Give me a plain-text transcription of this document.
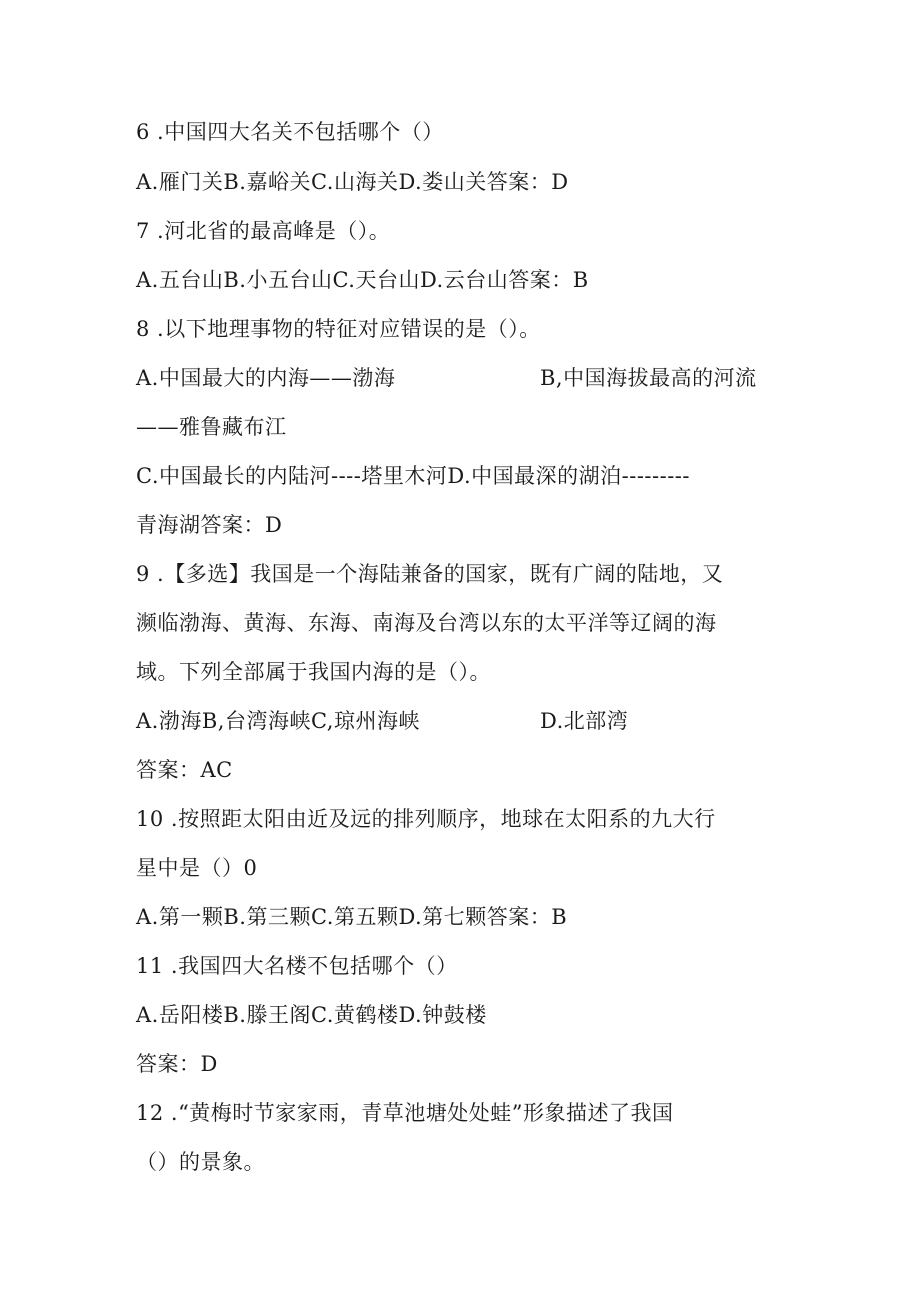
6 .中国四大名关不包括哪个（）
A.雁门关B.嘉峪关C.山海关D.娄山关答案：D
7 .河北省的最高峰是（）。
A.五台山B.小五台山C.天台山D.云台山答案：B
8 .以下地理事物的特征对应错误的是（）。
A.中国最大的内海——渤海	B,中国海拔最高的河流
——雅鲁藏布江
C.中国最长的内陆河----塔里木河D.中国最深的湖泊---------
青海湖答案：D
9 .【多选】我国是一个海陆兼备的国家，既有广阔的陆地，又
濒临渤海、黄海、东海、南海及台湾以东的太平洋等辽阔的海
域。下列全部属于我国内海的是（）。
A.渤海B,台湾海峡C,琼州海峡	D.北部湾
答案：AC
10 .按照距太阳由近及远的排列顺序，地球在太阳系的九大行
星中是（）0
A.第一颗B.第三颗C.第五颗D.第七颗答案：B
11 .我国四大名楼不包括哪个（）
A.岳阳楼B.滕王阁C.黄鹤楼D.钟鼓楼
答案：D
12 .“黄梅时节家家雨，青草池塘处处蛙”形象描述了我国
（）的景象。
